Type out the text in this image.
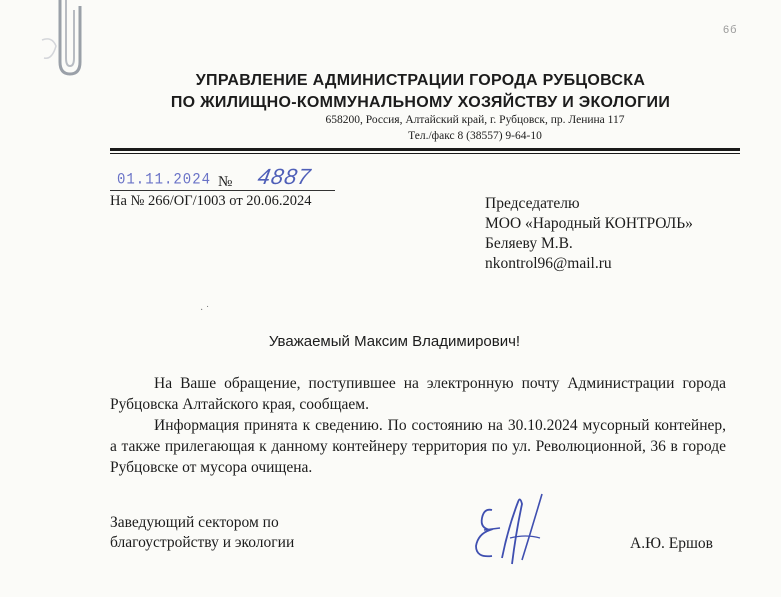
6б
УПРАВЛЕНИЕ АДМИНИСТРАЦИИ ГОРОДА РУБЦОВСКА
ПО ЖИЛИЩНО-КОММУНАЛЬНОМУ ХОЗЯЙСТВУ И ЭКОЛОГИИ
658200, Россия, Алтайский край, г. Рубцовск, пр. Ленина 117
Тел./факс 8 (38557) 9-64-10
01.11.2024 № 4887
На № 266/ОГ/1003 от 20.06.2024	Председателю
МОО «Народный КОНТРОЛЬ»
Беляеву М.В.
nkontrol96@mail.ru
· ˙
Уважаемый Максим Владимирович!
На Ваше обращение, поступившее на электронную почту Администрации города Рубцовска Алтайского края, сообщаем.
Информация принята к сведению. По состоянию на 30.10.2024 мусорный контейнер, а также прилегающая к данному контейнеру территория по ул. Революционной, 36 в городе Рубцовске от мусора очищена.
Заведующий сектором по
благоустройству и экологии	А.Ю. Ершов
